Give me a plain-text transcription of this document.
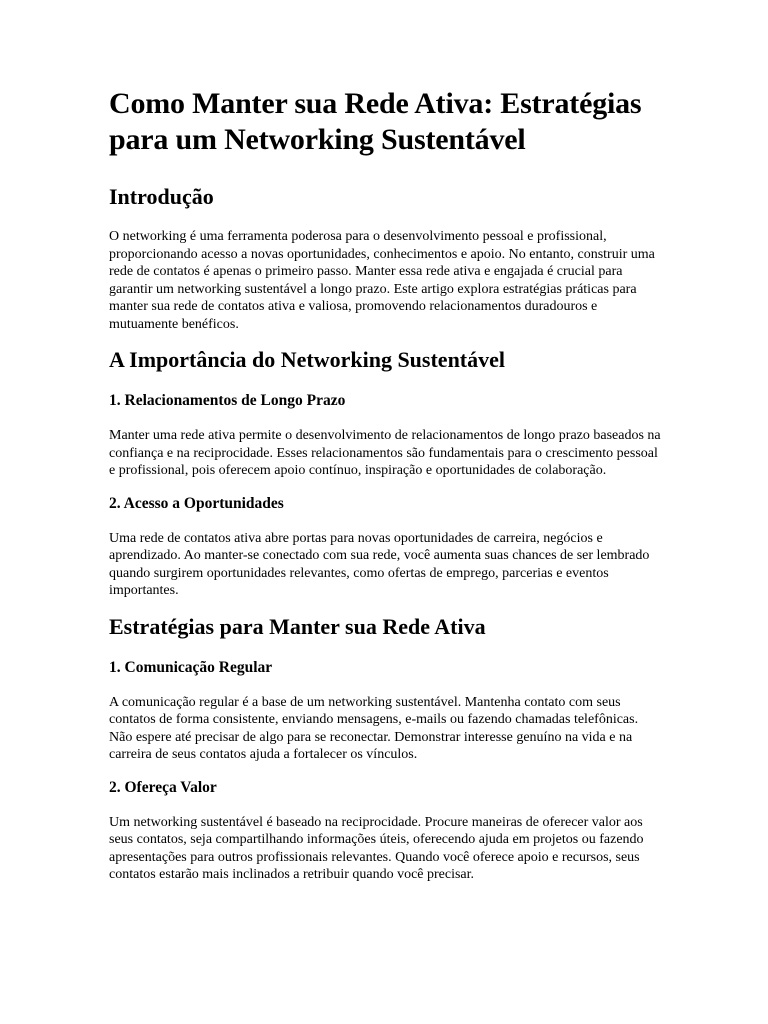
Como Manter sua Rede Ativa: Estratégias para um Networking Sustentável
Introdução

O networking é uma ferramenta poderosa para o desenvolvimento pessoal e profissional, proporcionando acesso a novas oportunidades, conhecimentos e apoio. No entanto, construir uma rede de contatos é apenas o primeiro passo. Manter essa rede ativa e engajada é crucial para garantir um networking sustentável a longo prazo. Este artigo explora estratégias práticas para manter sua rede de contatos ativa e valiosa, promovendo relacionamentos duradouros e mutuamente benéficos.

A Importância do Networking Sustentável
1. Relacionamentos de Longo Prazo

Manter uma rede ativa permite o desenvolvimento de relacionamentos de longo prazo baseados na confiança e na reciprocidade. Esses relacionamentos são fundamentais para o crescimento pessoal e profissional, pois oferecem apoio contínuo, inspiração e oportunidades de colaboração.

2. Acesso a Oportunidades

Uma rede de contatos ativa abre portas para novas oportunidades de carreira, negócios e aprendizado. Ao manter-se conectado com sua rede, você aumenta suas chances de ser lembrado quando surgirem oportunidades relevantes, como ofertas de emprego, parcerias e eventos importantes.

Estratégias para Manter sua Rede Ativa
1. Comunicação Regular

A comunicação regular é a base de um networking sustentável. Mantenha contato com seus contatos de forma consistente, enviando mensagens, e-mails ou fazendo chamadas telefônicas. Não espere até precisar de algo para se reconectar. Demonstrar interesse genuíno na vida e na carreira de seus contatos ajuda a fortalecer os vínculos.

2. Ofereça Valor

Um networking sustentável é baseado na reciprocidade. Procure maneiras de oferecer valor aos seus contatos, seja compartilhando informações úteis, oferecendo ajuda em projetos ou fazendo apresentações para outros profissionais relevantes. Quando você oferece apoio e recursos, seus contatos estarão mais inclinados a retribuir quando você precisar.
